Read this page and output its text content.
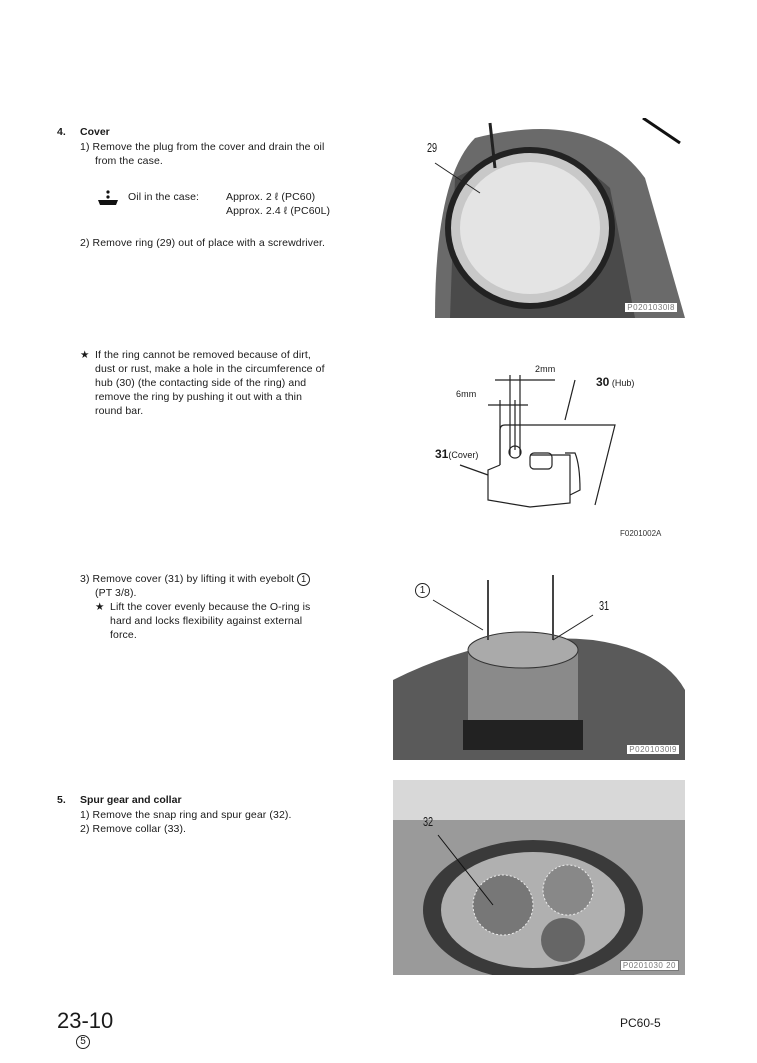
4. Cover
1) Remove the plug from the cover and drain the oil
from the case.
Oil in the case:	Approx. 2 ℓ (PC60)
Approx. 2.4 ℓ (PC60L)
2) Remove ring (29) out of place with a screwdriver.
★ If the ring cannot be removed because of dirt,
dust or rust, make a hole in the circumference of
hub (30) (the contacting side of the ring) and
remove the ring by pushing it out with a thin
round bar.
3) Remove cover (31) by lifting it with eyebolt 1
(PT 3/8).
★ Lift the cover evenly because the O-ring is
hard and locks flexibility against external
force.
5. Spur gear and collar
1) Remove the snap ring and spur gear (32).
2) Remove collar (33).
29
P0201030l8
2mm
6mm
30 (Hub)
31(Cover)
F0201002A
1
31
P0201030l9
32
P0201030 20
23-10
5
PC60-5
